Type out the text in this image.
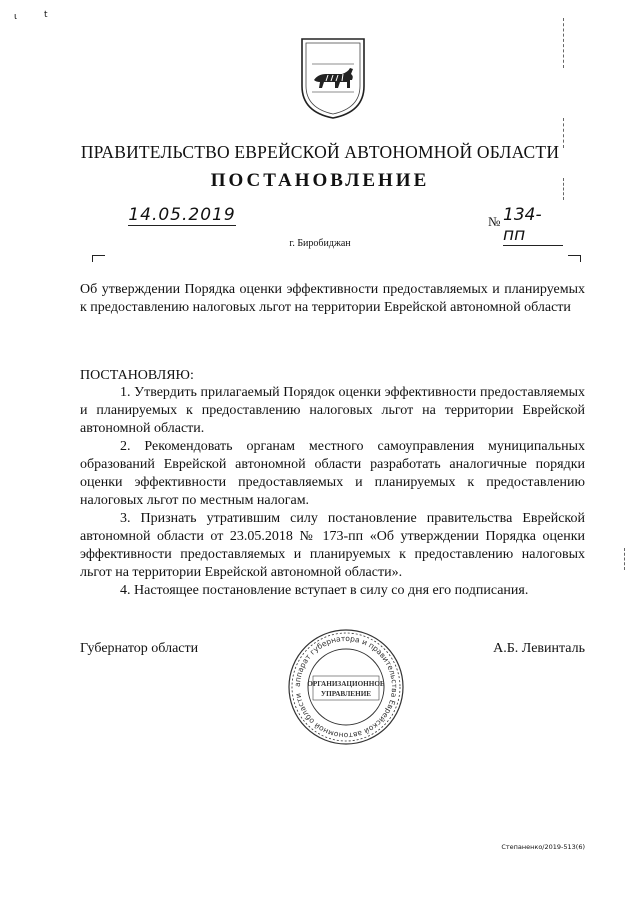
ι	t
ПРАВИТЕЛЬСТВО ЕВРЕЙСКОЙ АВТОНОМНОЙ ОБЛАСТИ
ПОСТАНОВЛЕНИЕ
14.05.2019	№ 134-пп
г. Биробиджан

Об утверждении Порядка оценки эффективности предоставляемых и планируемых к предоставлению налоговых льгот на территории Еврейской автономной области

ПОСТАНОВЛЯЮ:

1. Утвердить прилагаемый Порядок оценки эффективности предоставляемых и планируемых к предоставлению налоговых льгот на территории Еврейской автономной области.

2. Рекомендовать органам местного самоуправления муниципальных образований Еврейской автономной области разработать аналогичные порядки оценки эффективности предоставляемых и планируемых к предоставлению налоговых льгот по местным налогам.

3. Признать утратившим силу постановление правительства Еврейской автономной области от 23.05.2018 № 173-пп «Об утверждении Порядка оценки эффективности предоставляемых и планируемых к предоставлению налоговых льгот на территории Еврейской автономной области».

4. Настоящее постановление вступает в силу со дня его подписания.

Губернатор области	А.Б. Левинталь
аппарат губернатора и правительства Еврейской автономной области
ОРГАНИЗАЦИОННОЕ
УПРАВЛЕНИЕ
Степаненко/2019-513(6)
